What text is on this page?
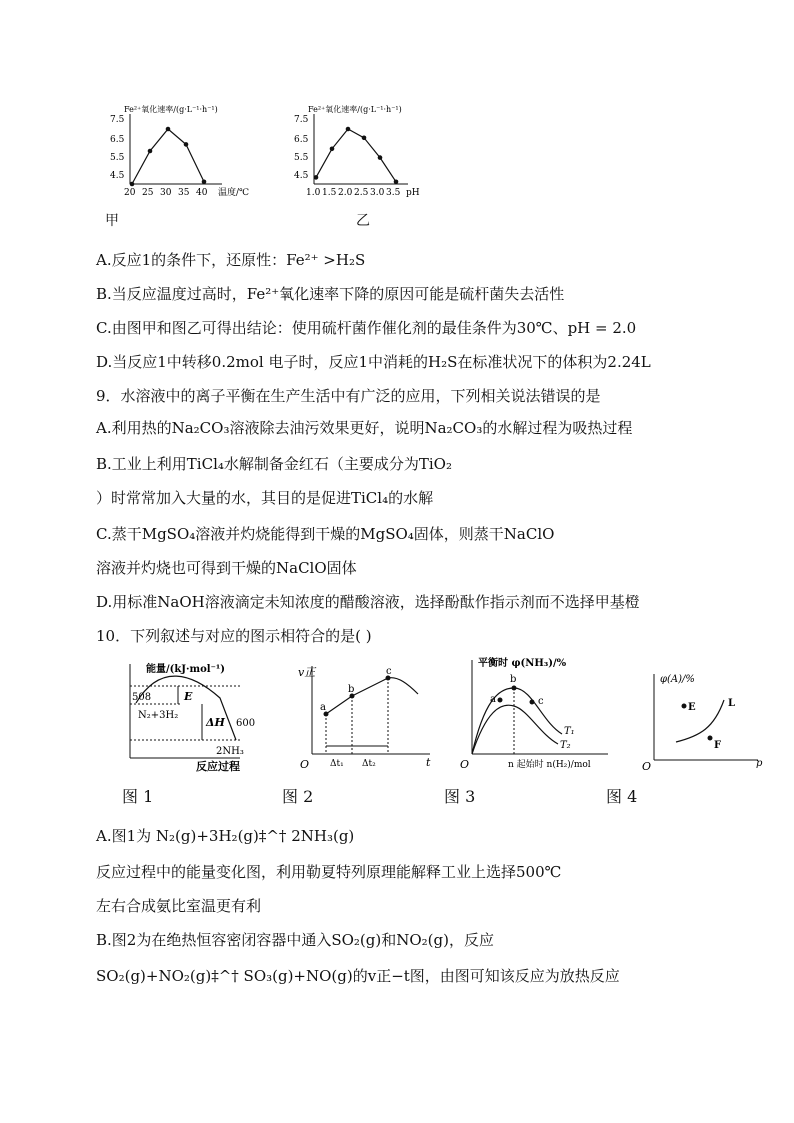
Fe²⁺氧化速率/(g·L⁻¹·h⁻¹)
7.5
6.5
5.5
4.5
20 25 30 35 40 温度/℃
甲
Fe²⁺氧化速率/(g·L⁻¹·h⁻¹)
7.5
6.5
5.5
4.5
1.0 1.5 2.0 2.5 3.0 3.5 pH
乙
A.反应1的条件下，还原性：Fe²⁺ >H₂S
B.当反应温度过高时，Fe²⁺氧化速率下降的原因可能是硫杆菌失去活性
C.由图甲和图乙可得出结论：使用硫杆菌作催化剂的最佳条件为30℃、pH = 2.0
D.当反应1中转移0.2mol 电子时，反应1中消耗的H₂S在标准状况下的体积为2.24L
9．水溶液中的离子平衡在生产生活中有广泛的应用，下列相关说法错误的是
A.利用热的Na₂CO₃溶液除去油污效果更好，说明Na₂CO₃的水解过程为吸热过程
B.工业上利用TiCl₄水解制备金红石（主要成分为TiO₂
）时常常加入大量的水，其目的是促进TiCl₄的水解
C.蒸干MgSO₄溶液并灼烧能得到干燥的MgSO₄固体，则蒸干NaClO
溶液并灼烧也可得到干燥的NaClO固体
D.用标准NaOH溶液滴定未知浓度的醋酸溶液，选择酚酞作指示剂而不选择甲基橙
10．下列叙述与对应的图示相符合的是( )
能量/(kJ·mol⁻¹)
508	E
ΔH 600
N₂+3H₂
2NH₃
反应过程
图 1
v正
O	t
a
b
c
Δt₁ Δt₂
图 2
平衡时 φ(NH₃)/%
O
a
b
c
T₁
T₂
n 起始时 n(H₂)/mol
图 3
φ(A)/%
O	p
E
F
L
图 4
A.图1为 N₂(g)+3H₂(g)‡^† 2NH₃(g)
反应过程中的能量变化图，利用勒夏特列原理能解释工业上选择500℃
左右合成氨比室温更有利
B.图2为在绝热恒容密闭容器中通入SO₂(g)和NO₂(g)，反应
SO₂(g)+NO₂(g)‡^† SO₃(g)+NO(g)的v正−t图，由图可知该反应为放热反应
